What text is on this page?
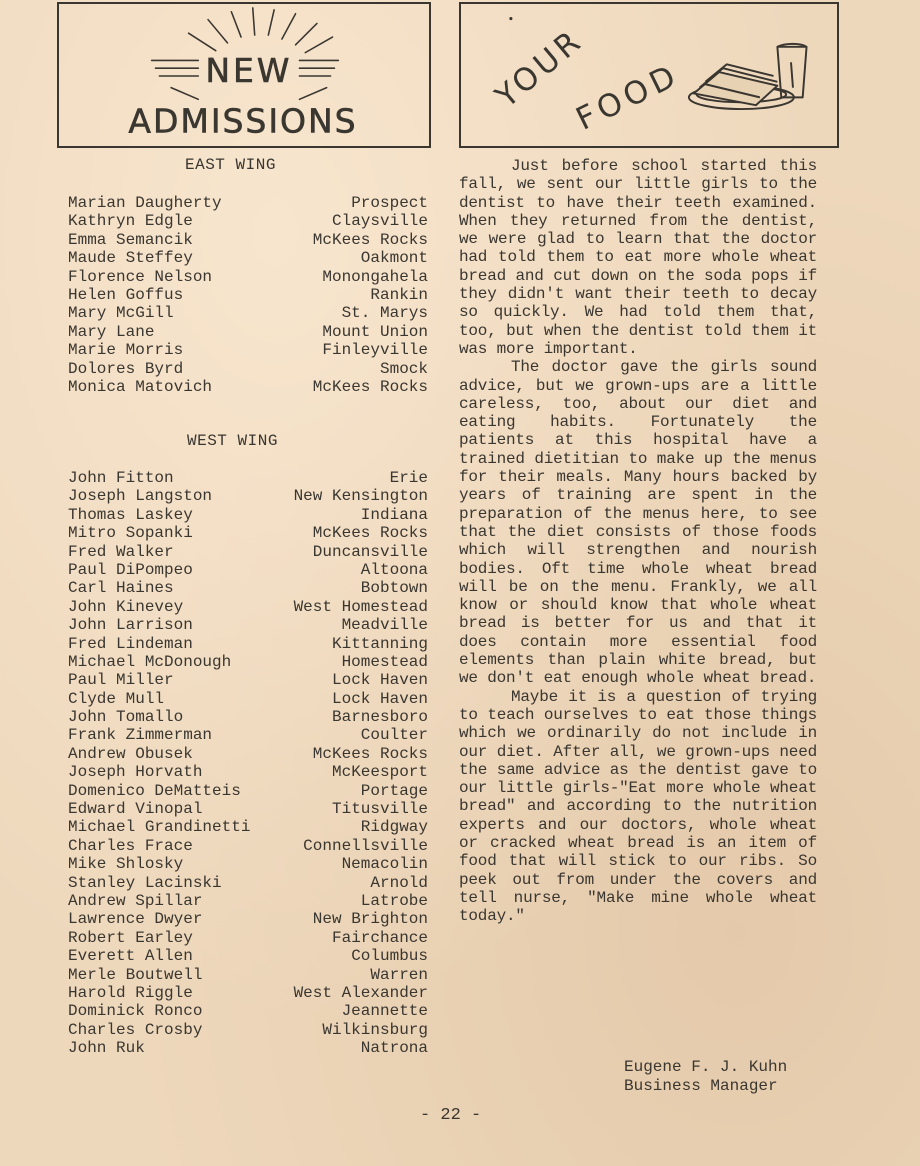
NEW
ADMISSIONS
YOUR
FOOD
EAST WING
Marian Daugherty	Prospect
Kathryn Edgle	Claysville
Emma Semancik	McKees Rocks
Maude Steffey	Oakmont
Florence Nelson	Monongahela
Helen Goffus	Rankin
Mary McGill	St. Marys
Mary Lane	Mount Union
Marie Morris	Finleyville
Dolores Byrd	Smock
Monica Matovich	McKees Rocks
WEST WING
John Fitton	Erie
Joseph Langston	New Kensington
Thomas Laskey	Indiana
Mitro Sopanki	McKees Rocks
Fred Walker	Duncansville
Paul DiPompeo	Altoona
Carl Haines	Bobtown
John Kinevey	West Homestead
John Larrison	Meadville
Fred Lindeman	Kittanning
Michael McDonough	Homestead
Paul Miller	Lock Haven
Clyde Mull	Lock Haven
John Tomallo	Barnesboro
Frank Zimmerman	Coulter
Andrew Obusek	McKees Rocks
Joseph Horvath	McKeesport
Domenico DeMatteis	Portage
Edward Vinopal	Titusville
Michael Grandinetti	Ridgway
Charles Frace	Connellsville
Mike Shlosky	Nemacolin
Stanley Lacinski	Arnold
Andrew Spillar	Latrobe
Lawrence Dwyer	New Brighton
Robert Earley	Fairchance
Everett Allen	Columbus
Merle Boutwell	Warren
Harold Riggle	West Alexander
Dominick Ronco	Jeannette
Charles Crosby	Wilkinsburg
John Ruk	Natrona

Just before school started this fall, we sent our little girls to the dentist to have their teeth examined. When they returned from the dentist, we were glad to learn that the doctor had told them to eat more whole wheat bread and cut down on the soda pops if they didn't want their teeth to decay so quickly. We had told them that, too, but when the dentist told them it was more important.

The doctor gave the girls sound advice, but we grown-ups are a little careless, too, about our diet and eating habits. Fortunately the patients at this hospital have a trained dietitian to make up the menus for their meals. Many hours backed by years of training are spent in the preparation of the menus here, to see that the diet consists of those foods which will strengthen and nourish bodies. Oft time whole wheat bread will be on the menu. Frankly, we all know or should know that whole wheat bread is better for us and that it does contain more essential food elements than plain white bread, but we don't eat enough whole wheat bread.

Maybe it is a question of trying to teach ourselves to eat those things which we ordinarily do not include in our diet. After all, we grown-ups need the same advice as the dentist gave to our little girls-"Eat more whole wheat bread" and according to the nutrition experts and our doctors, whole wheat or cracked wheat bread is an item of food that will stick to our ribs. So peek out from under the covers and tell nurse, "Make mine whole wheat today."

Eugene F. J. Kuhn
Business Manager
- 22 -
